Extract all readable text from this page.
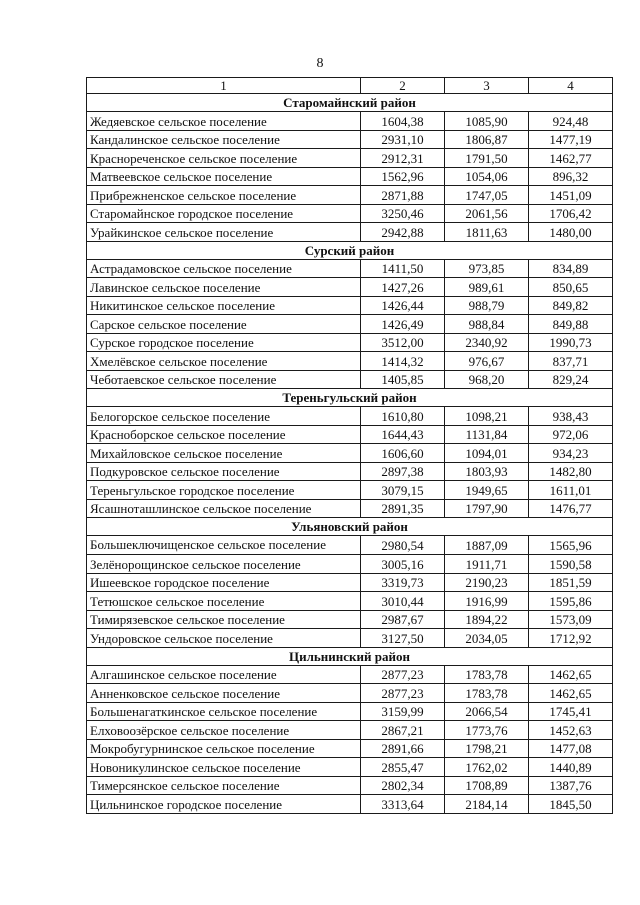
8
1	2	3	4
Старомайнский район			
Жедяевское сельское поселение	1604,38	1085,90	924,48
Кандалинское сельское поселение	2931,10	1806,87	1477,19
Краснореченское сельское поселение	2912,31	1791,50	1462,77
Матвеевское сельское поселение	1562,96	1054,06	896,32
Прибрежненское сельское поселение	2871,88	1747,05	1451,09
Старомайнское городское поселение	3250,46	2061,56	1706,42
Урайкинское сельское поселение	2942,88	1811,63	1480,00
Сурский район			
Астрадамовское сельское поселение	1411,50	973,85	834,89
Лавинское сельское поселение	1427,26	989,61	850,65
Никитинское сельское поселение	1426,44	988,79	849,82
Сарское сельское поселение	1426,49	988,84	849,88
Сурское городское поселение	3512,00	2340,92	1990,73
Хмелёвское сельское поселение	1414,32	976,67	837,71
Чеботаевское сельское поселение	1405,85	968,20	829,24
Тереньгульский район			
Белогорское сельское поселение	1610,80	1098,21	938,43
Красноборское сельское поселение	1644,43	1131,84	972,06
Михайловское сельское поселение	1606,60	1094,01	934,23
Подкуровское сельское поселение	2897,38	1803,93	1482,80
Тереньгульское городское поселение	3079,15	1949,65	1611,01
Ясашноташлинское сельское поселение	2891,35	1797,90	1476,77
Ульяновский район			
Большеключищенское сельское поселение	2980,54	1887,09	1565,96
Зелёнорощинское сельское поселение	3005,16	1911,71	1590,58
Ишеевское городское поселение	3319,73	2190,23	1851,59
Тетюшское сельское поселение	3010,44	1916,99	1595,86
Тимирязевское сельское поселение	2987,67	1894,22	1573,09
Ундоровское сельское поселение	3127,50	2034,05	1712,92
Цильнинский район			
Алгашинское сельское поселение	2877,23	1783,78	1462,65
Анненковское сельское поселение	2877,23	1783,78	1462,65
Большенагаткинское сельское поселение	3159,99	2066,54	1745,41
Елховоозёрское сельское поселение	2867,21	1773,76	1452,63
Мокробугурнинское сельское поселение	2891,66	1798,21	1477,08
Новоникулинское сельское поселение	2855,47	1762,02	1440,89
Тимерсянское сельское поселение	2802,34	1708,89	1387,76
Цильнинское городское поселение	3313,64	2184,14	1845,50
